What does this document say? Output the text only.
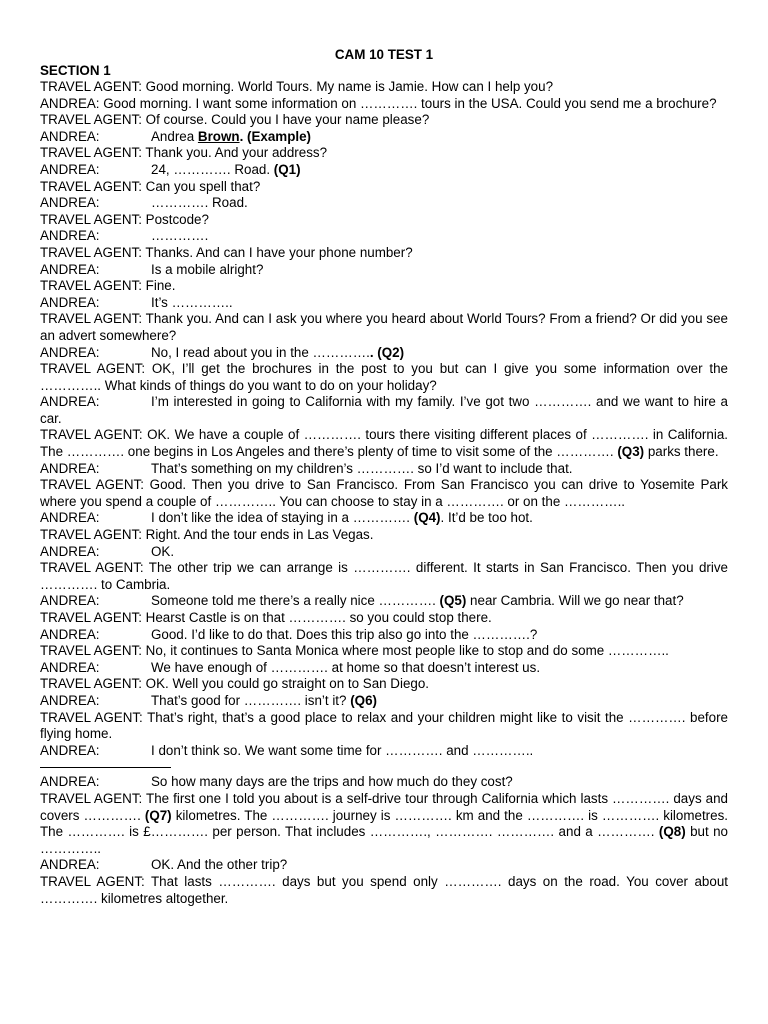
CAM 10 TEST 1
SECTION 1

TRAVEL AGENT: Good morning. World Tours. My name is Jamie. How can I help you?

ANDREA: Good morning. I want some information on …………. tours in the USA. Could you send me a brochure?

TRAVEL AGENT: Of course. Could you I have your name please?

ANDREA:	Andrea Brown. (Example)

TRAVEL AGENT: Thank you. And your address?

ANDREA:	24, …………. Road. (Q1)

TRAVEL AGENT: Can you spell that?

ANDREA:	…………. Road.

TRAVEL AGENT: Postcode?

ANDREA:	………….

TRAVEL AGENT: Thanks. And can I have your phone number?

ANDREA:	Is a mobile alright?

TRAVEL AGENT: Fine.

ANDREA:	It’s …………..

TRAVEL AGENT: Thank you. And can I ask you where you heard about World Tours? From a friend? Or did you see an advert somewhere?

ANDREA:	No, I read about you in the ………….. (Q2)

TRAVEL AGENT: OK, I’ll get the brochures in the post to you but can I give you some information over the ………….. What kinds of things do you want to do on your holiday?

ANDREA:	I’m interested in going to California with my family. I’ve got two …………. and we want to hire a car.

TRAVEL AGENT: OK. We have a couple of …………. tours there visiting different places of …………. in California. The …………. one begins in Los Angeles and there’s plenty of time to visit some of the …………. (Q3) parks there.

ANDREA:	That’s something on my children’s …………. so I’d want to include that.

TRAVEL AGENT: Good. Then you drive to San Francisco. From San Francisco you can drive to Yosemite Park where you spend a couple of ………….. You can choose to stay in a …………. or on the …………..

ANDREA:	I don’t like the idea of staying in a …………. (Q4). It’d be too hot.

TRAVEL AGENT: Right. And the tour ends in Las Vegas.

ANDREA:	OK.

TRAVEL AGENT: The other trip we can arrange is …………. different. It starts in San Francisco. Then you drive …………. to Cambria.

ANDREA:	Someone told me there’s a really nice …………. (Q5) near Cambria. Will we go near that?

TRAVEL AGENT: Hearst Castle is on that …………. so you could stop there.

ANDREA:	Good. I’d like to do that. Does this trip also go into the ………….?

TRAVEL AGENT: No, it continues to Santa Monica where most people like to stop and do some …………..

ANDREA:	We have enough of …………. at home so that doesn’t interest us.

TRAVEL AGENT: OK. Well you could go straight on to San Diego.

ANDREA:	That’s good for …………. isn’t it? (Q6)

TRAVEL AGENT: That’s right, that’s a good place to relax and your children might like to visit the …………. before flying home.

ANDREA:	I don’t think so. We want some time for …………. and …………..

ANDREA:	So how many days are the trips and how much do they cost?

TRAVEL AGENT: The first one I told you about is a self-drive tour through California which lasts …………. days and covers …………. (Q7) kilometres. The …………. journey is …………. km and the …………. is …………. kilometres. The …………. is £…………. per person. That includes …………., …………. …………. and a …………. (Q8) but no …………..

ANDREA:	OK. And the other trip?

TRAVEL AGENT: That lasts …………. days but you spend only …………. days on the road. You cover about …………. kilometres altogether.
